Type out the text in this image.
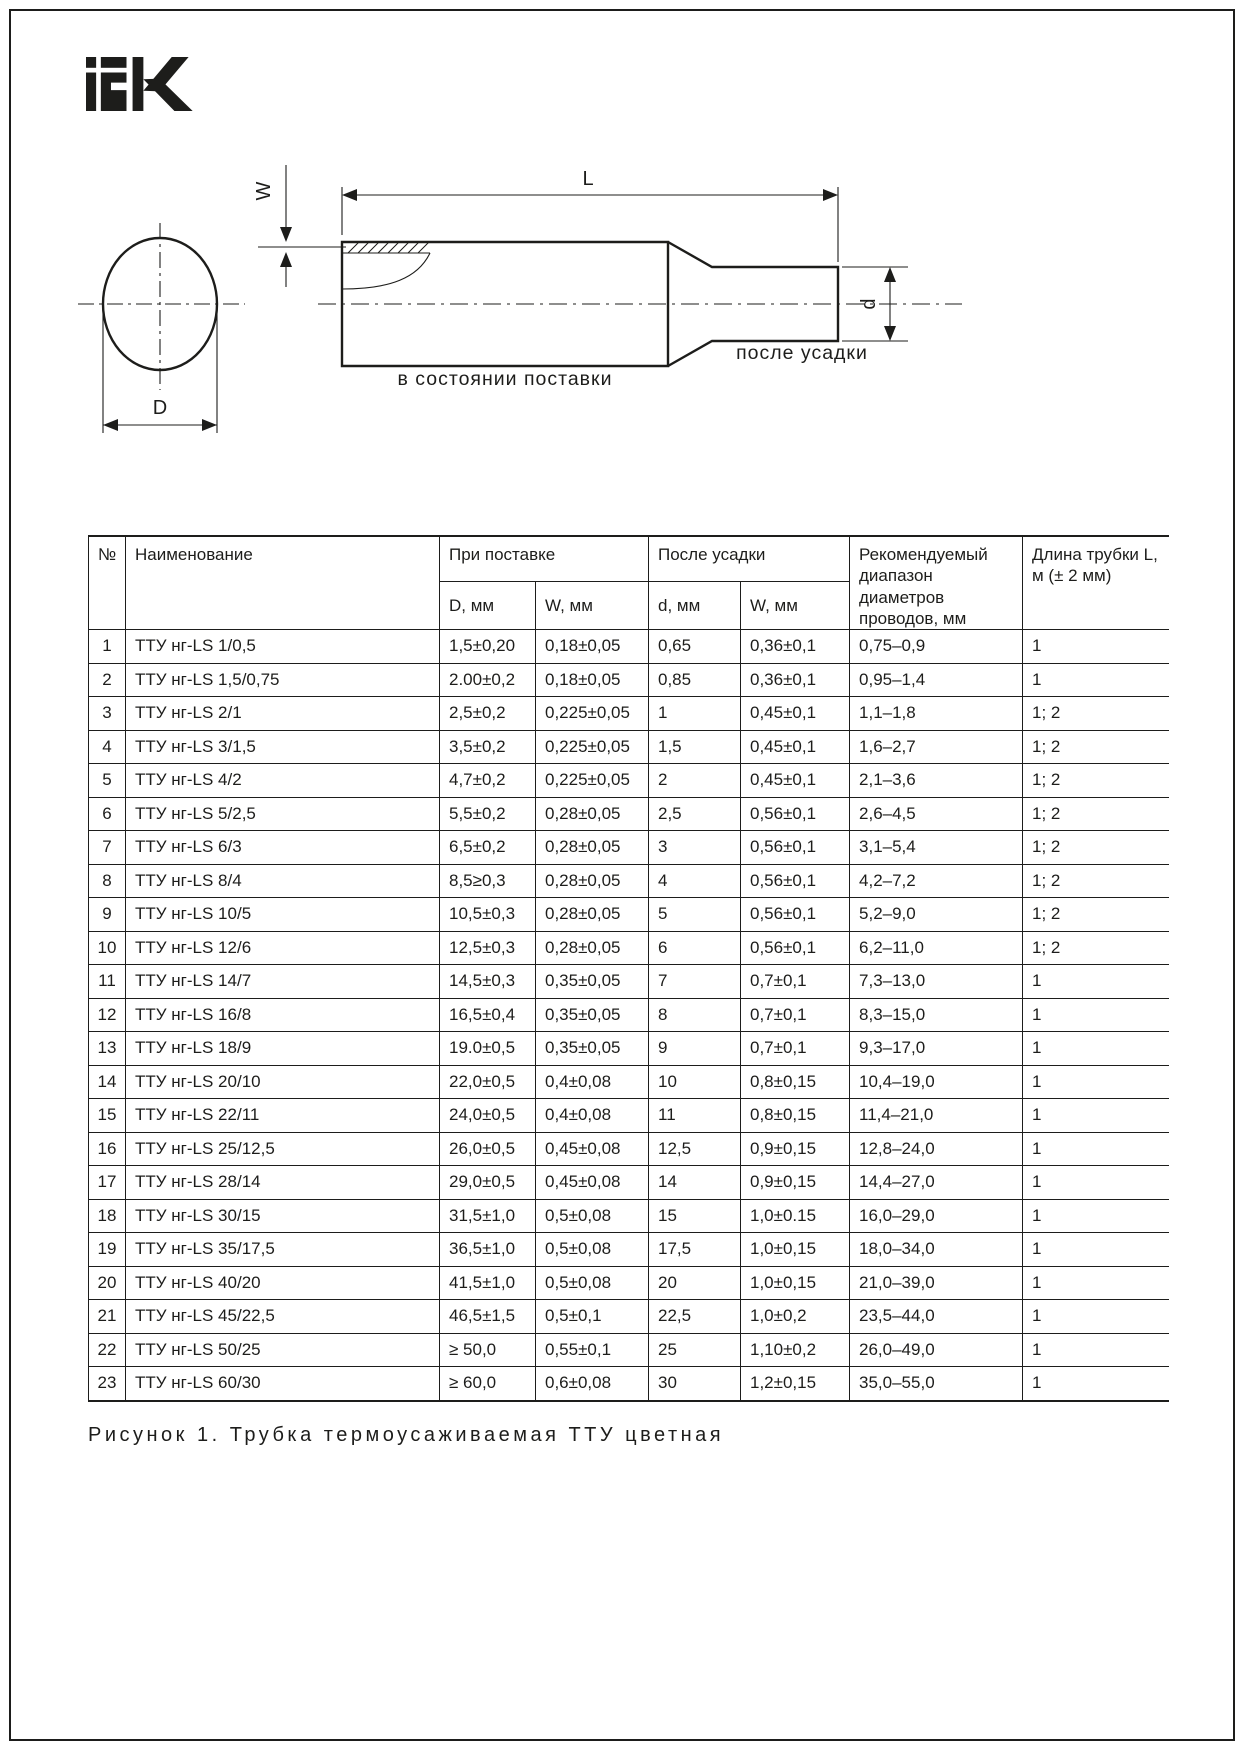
W
L
D
d
в состоянии поставки
после усадки
№	Наименование	При поставке		После усадки		Рекомендуемый диапазон диаметров проводов, мм	Длина трубки L, м (± 2 мм)
		D, мм	W, мм	d, мм	W, мм		
1	ТТУ нг-LS 1/0,5	1,5±0,20	0,18±0,05	0,65	0,36±0,1	0,75–0,9	1
2	ТТУ нг-LS 1,5/0,75	2.00±0,2	0,18±0,05	0,85	0,36±0,1	0,95–1,4	1
3	ТТУ нг-LS 2/1	2,5±0,2	0,225±0,05	1	0,45±0,1	1,1–1,8	1; 2
4	ТТУ нг-LS 3/1,5	3,5±0,2	0,225±0,05	1,5	0,45±0,1	1,6–2,7	1; 2
5	ТТУ нг-LS 4/2	4,7±0,2	0,225±0,05	2	0,45±0,1	2,1–3,6	1; 2
6	ТТУ нг-LS 5/2,5	5,5±0,2	0,28±0,05	2,5	0,56±0,1	2,6–4,5	1; 2
7	ТТУ нг-LS 6/3	6,5±0,2	0,28±0,05	3	0,56±0,1	3,1–5,4	1; 2
8	ТТУ нг-LS 8/4	8,5≥0,3	0,28±0,05	4	0,56±0,1	4,2–7,2	1; 2
9	ТТУ нг-LS 10/5	10,5±0,3	0,28±0,05	5	0,56±0,1	5,2–9,0	1; 2
10	ТТУ нг-LS 12/6	12,5±0,3	0,28±0,05	6	0,56±0,1	6,2–11,0	1; 2
11	ТТУ нг-LS 14/7	14,5±0,3	0,35±0,05	7	0,7±0,1	7,3–13,0	1
12	ТТУ нг-LS 16/8	16,5±0,4	0,35±0,05	8	0,7±0,1	8,3–15,0	1
13	ТТУ нг-LS 18/9	19.0±0,5	0,35±0,05	9	0,7±0,1	9,3–17,0	1
14	ТТУ нг-LS 20/10	22,0±0,5	0,4±0,08	10	0,8±0,15	10,4–19,0	1
15	ТТУ нг-LS 22/11	24,0±0,5	0,4±0,08	11	0,8±0,15	11,4–21,0	1
16	ТТУ нг-LS 25/12,5	26,0±0,5	0,45±0,08	12,5	0,9±0,15	12,8–24,0	1
17	ТТУ нг-LS 28/14	29,0±0,5	0,45±0,08	14	0,9±0,15	14,4–27,0	1
18	ТТУ нг-LS 30/15	31,5±1,0	0,5±0,08	15	1,0±0.15	16,0–29,0	1
19	ТТУ нг-LS 35/17,5	36,5±1,0	0,5±0,08	17,5	1,0±0,15	18,0–34,0	1
20	ТТУ нг-LS 40/20	41,5±1,0	0,5±0,08	20	1,0±0,15	21,0–39,0	1
21	ТТУ нг-LS 45/22,5	46,5±1,5	0,5±0,1	22,5	1,0±0,2	23,5–44,0	1
22	ТТУ нг-LS 50/25	≥ 50,0	0,55±0,1	25	1,10±0,2	26,0–49,0	1
23	ТТУ нг-LS 60/30	≥ 60,0	0,6±0,08	30	1,2±0,15	35,0–55,0	1
Рисунок 1. Трубка термоусаживаемая ТТУ цветная
